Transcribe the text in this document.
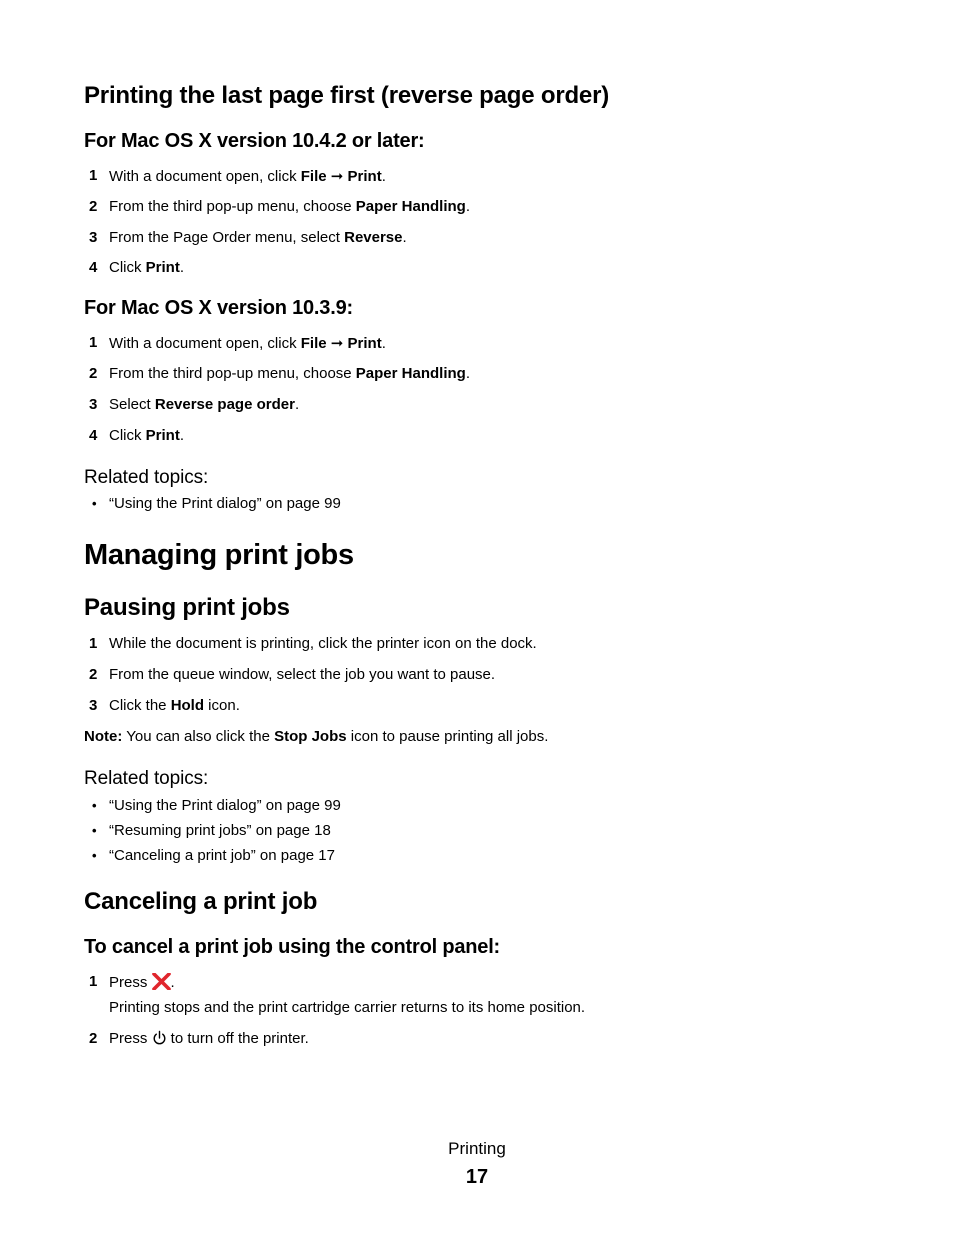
Printing the last page first (reverse page order)
For Mac OS X version 10.4.2 or later:
1 With a document open, click File ➞ Print.
2 From the third pop-up menu, choose Paper Handling.
3 From the Page Order menu, select Reverse.
4 Click Print.
For Mac OS X version 10.3.9:
1 With a document open, click File ➞ Print.
2 From the third pop-up menu, choose Paper Handling.
3 Select Reverse page order.
4 Click Print.
Related topics:
• “Using the Print dialog” on page 99
Managing print jobs
Pausing print jobs
1 While the document is printing, click the printer icon on the dock.
2 From the queue window, select the job you want to pause.
3 Click the Hold icon.
Note: You can also click the Stop Jobs icon to pause printing all jobs.
Related topics:
• “Using the Print dialog” on page 99
• “Resuming print jobs” on page 18
• “Canceling a print job” on page 17
Canceling a print job
To cancel a print job using the control panel:
1 Press .
Printing stops and the print cartridge carrier returns to its home position.
2 Press  to turn off the printer.
Printing
17
